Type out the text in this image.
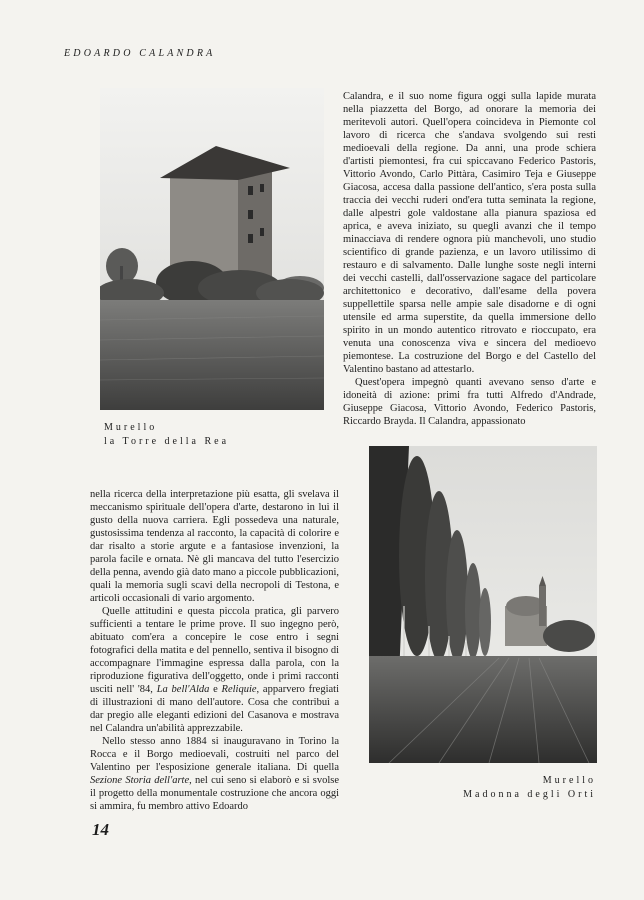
EDOARDO CALANDRA
Murello
la Torre della Rea

Calandra, e il suo nome figura oggi sulla lapide murata nella piazzetta del Borgo, ad onorare la memoria dei meritevoli autori. Quell'opera coincideva in Piemonte col lavoro di ricerca che s'andava svolgendo sui resti medioevali della regione. Da anni, una prode schiera d'artisti piemontesi, fra cui spiccavano Federico Pastoris, Vittorio Avondo, Carlo Pittàra, Casimiro Teja e Giuseppe Giacosa, accesa dalla passione dell'antico, s'era posta sulla traccia dei vecchi ruderi ond'era tutta seminata la regione, dalle alpestri gole valdostane alla pianura spaziosa ed aprica, e aveva iniziato, su quegli avanzi che il tempo minacciava di rendere ognora più manchevoli, uno studio scientifico di grande pazienza, e un lavoro utilissimo di restauro e di salvamento. Dalle lunghe soste negli interni dei vecchi castelli, dall'osservazione sagace del particolare architettonico e decorativo, dall'esame della povera suppellettile sparsa nelle ampie sale disadorne e di ogni utensile ed arma superstite, da quella immersione dello spirito in un mondo autentico ritrovato e rioccupato, era venuta una conoscenza viva e sincera del medioevo piemontese. La costruzione del Borgo e del Castello del Valentino bastano ad attestarlo.

Quest'opera impegnò quanti avevano senso d'arte e idoneità di azione: primi fra tutti Alfredo d'Andrade, Giuseppe Giacosa, Vittorio Avondo, Federico Pastoris, Riccardo Brayda. Il Calandra, appassionato

Murello
Madonna degli Orti

nella ricerca della interpretazione più esatta, gli svelava il meccanismo spirituale dell'opera d'arte, destarono in lui il gusto della nuova carriera. Egli possedeva una naturale, gustosissima tendenza al racconto, la capacità di colorire e dar risalto a storie argute e a fantasiose invenzioni, la parola facile e ornata. Nè gli mancava del tutto l'esercizio della penna, avendo già dato mano a piccole pubblicazioni, quali la memoria sugli scavi della necropoli di Testona, e articoli occasionali di vario argomento.

Quelle attitudini e questa piccola pratica, gli parvero sufficienti a tentare le prime prove. Il suo ingegno però, abituato com'era a concepire le cose entro i segni fotografici della matita e del pennello, sentiva il bisogno di accompagnare l'immagine espressa dalla parola, con la riproduzione figurativa dell'oggetto, onde i primi racconti usciti nell' '84, La bell'Alda e Reliquie, apparvero fregiati di illustrazioni di mano dell'autore. Cosa che contribuì a dar pregio alle eleganti edizioni del Casanova e mostrava nel Calandra un'abilità apprezzabile.

Nello stesso anno 1884 si inauguravano in Torino la Rocca e il Borgo medioevali, costruiti nel parco del Valentino per l'esposizione generale italiana. Di quella Sezione Storia dell'arte, nel cui seno si elaborò e si svolse il progetto della monumentale costruzione che ancora oggi si ammira, fu membro attivo Edoardo

14
